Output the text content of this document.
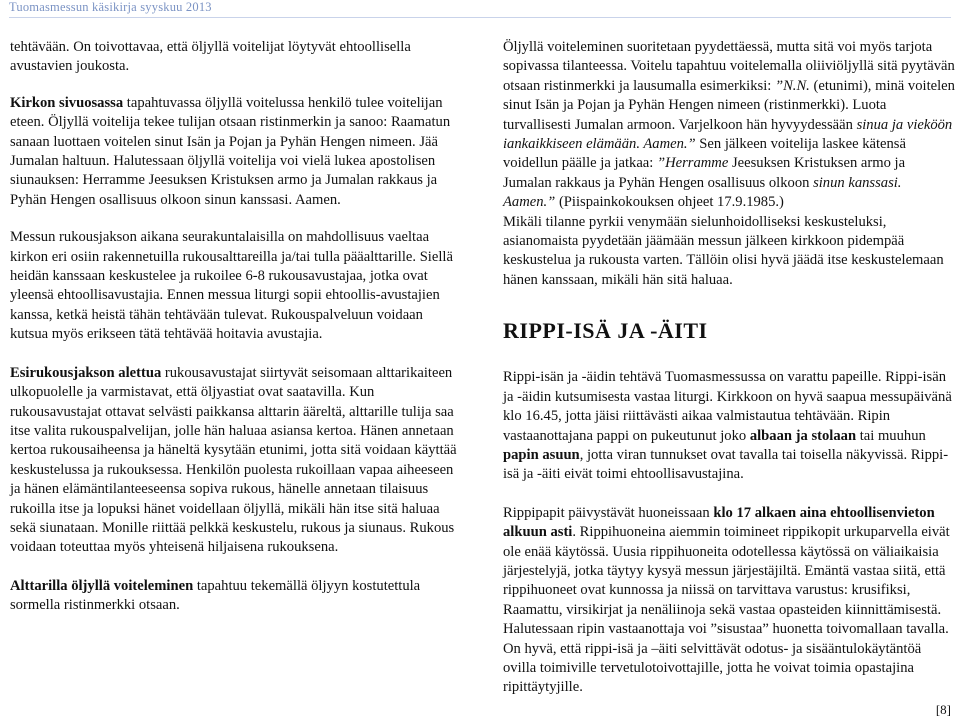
Tuomasmessun käsikirja syyskuu 2013

tehtävään. On toivottavaa, että öljyllä voitelijat löytyvät ehtoollisella avustavien joukosta.

Kirkon sivuosassa tapahtuvassa öljyllä voitelussa henkilö tulee voitelijan eteen. Öljyllä voitelija tekee tulijan otsaan ristinmerkin ja sanoo: Raamatun sanaan luottaen voitelen sinut Isän ja Pojan ja Pyhän Hengen nimeen. Jää Jumalan haltuun. Halutessaan öljyllä voitelija voi vielä lukea apostolisen siunauksen: Herramme Jeesuksen Kristuksen armo ja Jumalan rakkaus ja Pyhän Hengen osallisuus olkoon sinun kanssasi. Aamen.

Messun rukousjakson aikana seurakuntalaisilla on mahdollisuus vaeltaa kirkon eri osiin rakennetuilla rukousalttareilla ja/tai tulla pääalttarille. Siellä heidän kanssaan keskustelee ja rukoilee 6-8 rukousavustajaa, jotka ovat yleensä ehtoollisavustajia. Ennen messua liturgi sopii ehtoollis-avustajien kanssa, ketkä heistä tähän tehtävään tulevat. Rukouspalveluun voidaan kutsua myös erikseen tätä tehtävää hoitavia avustajia.

Esirukousjakson alettua rukousavustajat siirtyvät seisomaan alttarikaiteen ulkopuolelle ja varmistavat, että öljyastiat ovat saatavilla. Kun rukousavustajat ottavat selvästi paikkansa alttarin ääreltä, alttarille tulija saa itse valita rukouspalvelijan, jolle hän haluaa asiansa kertoa. Hänen annetaan kertoa rukousaiheensa ja häneltä kysytään etunimi, jotta sitä voidaan käyttää keskustelussa ja rukouksessa. Henkilön puolesta rukoillaan vapaa aiheeseen ja hänen elämäntilanteeseensa sopiva rukous, hänelle annetaan tilaisuus rukoilla itse ja lopuksi hänet voidellaan öljyllä, mikäli hän itse sitä haluaa sekä siunataan. Monille riittää pelkkä keskustelu, rukous ja siunaus. Rukous voidaan toteuttaa myös yhteisenä hiljaisena rukouksena.

Alttarilla öljyllä voiteleminen tapahtuu tekemällä öljyyn kostutettula sormella ristinmerkki otsaan.

Öljyllä voiteleminen suoritetaan pyydettäessä, mutta sitä voi myös tarjota sopivassa tilanteessa. Voitelu tapahtuu voitelemalla oliiviöljyllä sitä pyytävän otsaan ristinmerkki ja lausumalla esimerkiksi: ”N.N. (etunimi), minä voitelen sinut Isän ja Pojan ja Pyhän Hengen nimeen (ristinmerkki). Luota turvallisesti Jumalan armoon. Varjelkoon hän hyvyydessään sinua ja vieköön iankaikkiseen elämään. Aamen.” Sen jälkeen voitelija laskee kätensä voidellun päälle ja jatkaa: ”Herramme Jeesuksen Kristuksen armo ja Jumalan rakkaus ja Pyhän Hengen osallisuus olkoon sinun kanssasi. Aamen.” (Piispainkokouksen ohjeet 17.9.1985.)

Mikäli tilanne pyrkii venymään sielunhoidolliseksi keskusteluksi, asianomaista pyydetään jäämään messun jälkeen kirkkoon pidempää keskustelua ja rukousta varten. Tällöin olisi hyvä jäädä itse keskustelemaan hänen kanssaan, mikäli hän sitä haluaa.

RIPPI-ISÄ JA -ÄITI

Rippi-isän ja -äidin tehtävä Tuomasmessussa on varattu papeille. Rippi-isän ja -äidin kutsumisesta vastaa liturgi. Kirkkoon on hyvä saapua messupäivänä klo 16.45, jotta jäisi riittävästi aikaa valmistautua tehtävään. Ripin vastaanottajana pappi on pukeutunut joko albaan ja stolaan tai muuhun papin asuun, jotta viran tunnukset ovat tavalla tai toisella näkyvissä. Rippi-isä ja -äiti eivät toimi ehtoollisavustajina.

Rippipapit päivystävät huoneissaan klo 17 alkaen aina ehtoollisenvieton alkuun asti. Rippihuoneina aiemmin toimineet rippikopit urkuparvella eivät ole enää käytössä. Uusia rippihuoneita odotellessa käytössä on väliaikaisia järjestelyjä, jotka täytyy kysyä messun järjestäjiltä. Emäntä vastaa siitä, että rippihuoneet ovat kunnossa ja niissä on tarvittava varustus: krusifiksi, Raamattu, virsikirjat ja nenäliinoja sekä vastaa opasteiden kiinnittämisestä. Halutessaan ripin vastaanottaja voi ”sisustaa” huonetta toivomallaan tavalla. On hyvä, että rippi-isä ja –äiti selvittävät odotus- ja sisääntulokäytäntöä ovilla toimiville tervetulotoivottajille, jotta he voivat toimia opastajina ripittäytyjille.

[8]
